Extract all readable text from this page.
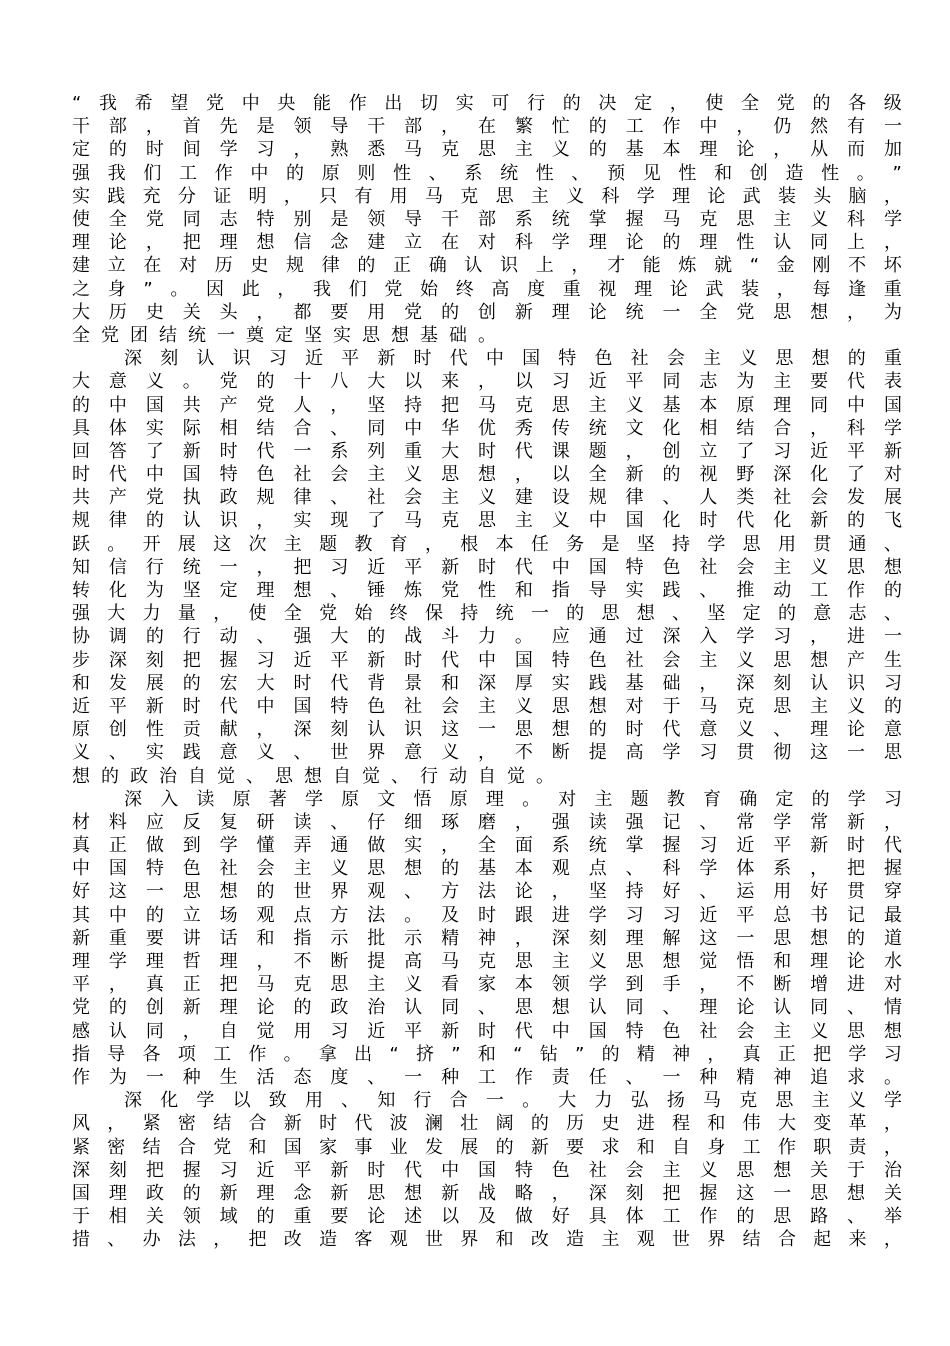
“ 我 希 望 党 中 央 能 作 出 切 实 可 行 的 决 定 ， 使 全 党 的 各 级
干 部 ， 首 先 是 领 导 干 部 ， 在 繁 忙 的 工 作 中 ， 仍 然 有 一
定 的 时 间 学 习 ， 熟 悉 马 克 思 主 义 的 基 本 理 论 ， 从 而 加
强 我 们 工 作 中 的 原 则 性 、 系 统 性 、 预 见 性 和 创 造 性 。 ”
实 践 充 分 证 明 ， 只 有 用 马 克 思 主 义 科 学 理 论 武 装 头 脑 ，
使 全 党 同 志 特 别 是 领 导 干 部 系 统 掌 握 马 克 思 主 义 科 学
理 论 ， 把 理 想 信 念 建 立 在 对 科 学 理 论 的 理 性 认 同 上 ，
建 立 在 对 历 史 规 律 的 正 确 认 识 上 ， 才 能 炼 就 “ 金 刚 不 坏
之 身 ” 。 因 此 ， 我 们 党 始 终 高 度 重 视 理 论 武 装 ， 每 逢 重
大 历 史 关 头 ， 都 要 用 党 的 创 新 理 论 统 一 全 党 思 想 ， 为
全 党 团 结 统 一 奠 定 坚 实 思 想 基 础 。
深 刻 认 识 习 近 平 新 时 代 中 国 特 色 社 会 主 义 思 想 的 重
大 意 义 。 党 的 十 八 大 以 来 ， 以 习 近 平 同 志 为 主 要 代 表
的 中 国 共 产 党 人 ， 坚 持 把 马 克 思 主 义 基 本 原 理 同 中 国
具 体 实 际 相 结 合 、 同 中 华 优 秀 传 统 文 化 相 结 合 ， 科 学
回 答 了 新 时 代 一 系 列 重 大 时 代 课 题 ， 创 立 了 习 近 平 新
时 代 中 国 特 色 社 会 主 义 思 想 ， 以 全 新 的 视 野 深 化 了 对
共 产 党 执 政 规 律 、 社 会 主 义 建 设 规 律 、 人 类 社 会 发 展
规 律 的 认 识 ， 实 现 了 马 克 思 主 义 中 国 化 时 代 化 新 的 飞
跃 。 开 展 这 次 主 题 教 育 ， 根 本 任 务 是 坚 持 学 思 用 贯 通 、
知 信 行 统 一 ， 把 习 近 平 新 时 代 中 国 特 色 社 会 主 义 思 想
转 化 为 坚 定 理 想 、 锤 炼 党 性 和 指 导 实 践 、 推 动 工 作 的
强 大 力 量 ， 使 全 党 始 终 保 持 统 一 的 思 想 、 坚 定 的 意 志 、
协 调 的 行 动 、 强 大 的 战 斗 力 。 应 通 过 深 入 学 习 ， 进 一
步 深 刻 把 握 习 近 平 新 时 代 中 国 特 色 社 会 主 义 思 想 产 生
和 发 展 的 宏 大 时 代 背 景 和 深 厚 实 践 基 础 ， 深 刻 认 识 习
近 平 新 时 代 中 国 特 色 社 会 主 义 思 想 对 于 马 克 思 主 义 的
原 创 性 贡 献 ， 深 刻 认 识 这 一 思 想 的 时 代 意 义 、 理 论 意
义 、 实 践 意 义 、 世 界 意 义 ， 不 断 提 高 学 习 贯 彻 这 一 思
想 的 政 治 自 觉 、 思 想 自 觉 、 行 动 自 觉 。
深 入 读 原 著 学 原 文 悟 原 理 。 对 主 题 教 育 确 定 的 学 习
材 料 应 反 复 研 读 、 仔 细 琢 磨 ， 强 读 强 记 、 常 学 常 新 ，
真 正 做 到 学 懂 弄 通 做 实 ， 全 面 系 统 掌 握 习 近 平 新 时 代
中 国 特 色 社 会 主 义 思 想 的 基 本 观 点 、 科 学 体 系 ， 把 握
好 这 一 思 想 的 世 界 观 、 方 法 论 ， 坚 持 好 、 运 用 好 贯 穿
其 中 的 立 场 观 点 方 法 。 及 时 跟 进 学 习 习 近 平 总 书 记 最
新 重 要 讲 话 和 指 示 批 示 精 神 ， 深 刻 理 解 这 一 思 想 的 道
理 学 理 哲 理 ， 不 断 提 高 马 克 思 主 义 思 想 觉 悟 和 理 论 水
平 ， 真 正 把 马 克 思 主 义 看 家 本 领 学 到 手 ， 不 断 增 进 对
党 的 创 新 理 论 的 政 治 认 同 、 思 想 认 同 、 理 论 认 同 、 情
感 认 同 ， 自 觉 用 习 近 平 新 时 代 中 国 特 色 社 会 主 义 思 想
指 导 各 项 工 作 。 拿 出 “ 挤 ” 和 “ 钻 ” 的 精 神 ， 真 正 把 学 习
作 为 一 种 生 活 态 度 、 一 种 工 作 责 任 、 一 种 精 神 追 求 。
深 化 学 以 致 用 、 知 行 合 一 。 大 力 弘 扬 马 克 思 主 义 学
风 ， 紧 密 结 合 新 时 代 波 澜 壮 阔 的 历 史 进 程 和 伟 大 变 革 ，
紧 密 结 合 党 和 国 家 事 业 发 展 的 新 要 求 和 自 身 工 作 职 责 ，
深 刻 把 握 习 近 平 新 时 代 中 国 特 色 社 会 主 义 思 想 关 于 治
国 理 政 的 新 理 念 新 思 想 新 战 略 ， 深 刻 把 握 这 一 思 想 关
于 相 关 领 域 的 重 要 论 述 以 及 做 好 具 体 工 作 的 思 路 、 举
措 、 办 法 ， 把 改 造 客 观 世 界 和 改 造 主 观 世 界 结 合 起 来 ，
